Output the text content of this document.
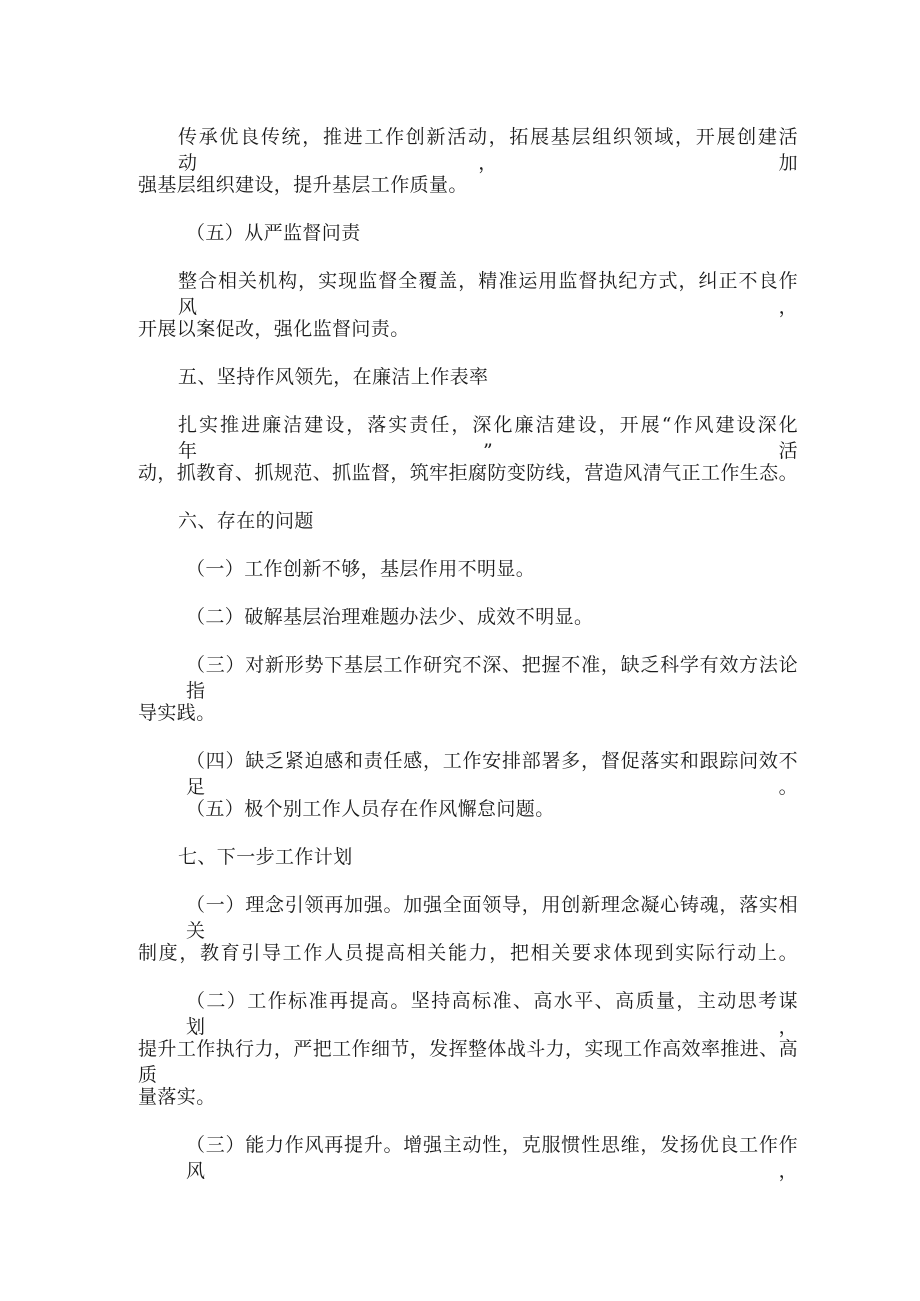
传承优良传统，推进工作创新活动，拓展基层组织领域，开展创建活动，加
强基层组织建设，提升基层工作质量。
（五）从严监督问责
整合相关机构，实现监督全覆盖，精准运用监督执纪方式，纠正不良作风，
开展以案促改，强化监督问责。
五、坚持作风领先，在廉洁上作表率
扎实推进廉洁建设，落实责任，深化廉洁建设，开展“作风建设深化年”活
动，抓教育、抓规范、抓监督，筑牢拒腐防变防线，营造风清气正工作生态。
六、存在的问题
（一）工作创新不够，基层作用不明显。
（二）破解基层治理难题办法少、成效不明显。
（三）对新形势下基层工作研究不深、把握不准，缺乏科学有效方法论指
导实践。
（四）缺乏紧迫感和责任感，工作安排部署多，督促落实和跟踪问效不足。
（五）极个别工作人员存在作风懈怠问题。
七、下一步工作计划
（一）理念引领再加强。加强全面领导，用创新理念凝心铸魂，落实相关
制度，教育引导工作人员提高相关能力，把相关要求体现到实际行动上。
（二）工作标准再提高。坚持高标准、高水平、高质量，主动思考谋划，
提升工作执行力，严把工作细节，发挥整体战斗力，实现工作高效率推进、高质
量落实。
（三）能力作风再提升。增强主动性，克服惯性思维，发扬优良工作作风，
